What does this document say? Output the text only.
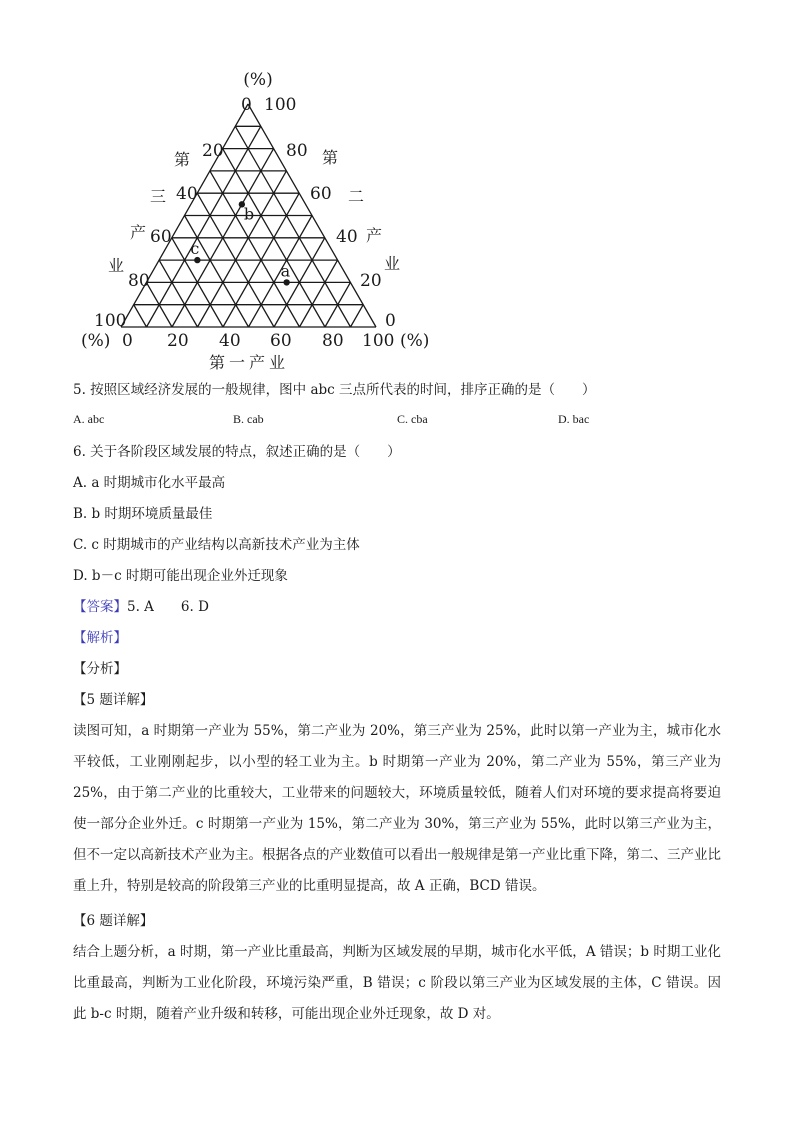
a
b
c
(%)
100
0
20
40
60
80
100
80
60
40
20
0
(%) 0 20 40 60 80 100 (%)
第
三
产
业
第
二
产
业
第一产业
5. 按照区域经济发展的一般规律，图中 abc 三点所代表的时间，排序正确的是（　　）
A. abc	B. cab	C. cba	D. bac
6. 关于各阶段区域发展的特点，叙述正确的是（　　）
A. a 时期城市化水平最高
B. b 时期环境质量最佳
C. c 时期城市的产业结构以高新技术产业为主体
D. b－c 时期可能出现企业外迁现象
【答案】5. A　　6. D
【解析】
【分析】
【5 题详解】
读图可知，a 时期第一产业为 55%，第二产业为 20%，第三产业为 25%，此时以第一产业为主，城市化水平较低，工业刚刚起步，以小型的轻工业为主。b 时期第一产业为 20%，第二产业为 55%，第三产业为 25%，由于第二产业的比重较大，工业带来的问题较大，环境质量较低，随着人们对环境的要求提高将要迫使一部分企业外迁。c 时期第一产业为 15%，第二产业为 30%，第三产业为 55%，此时以第三产业为主，但不一定以高新技术产业为主。根据各点的产业数值可以看出一般规律是第一产业比重下降，第二、三产业比重上升，特别是较高的阶段第三产业的比重明显提高，故 A 正确，BCD 错误。
【6 题详解】
结合上题分析，a 时期，第一产业比重最高，判断为区域发展的早期，城市化水平低，A 错误；b 时期工业化比重最高，判断为工业化阶段，环境污染严重，B 错误；c 阶段以第三产业为区域发展的主体，C 错误。因此 b-c 时期，随着产业升级和转移，可能出现企业外迁现象，故 D 对。
